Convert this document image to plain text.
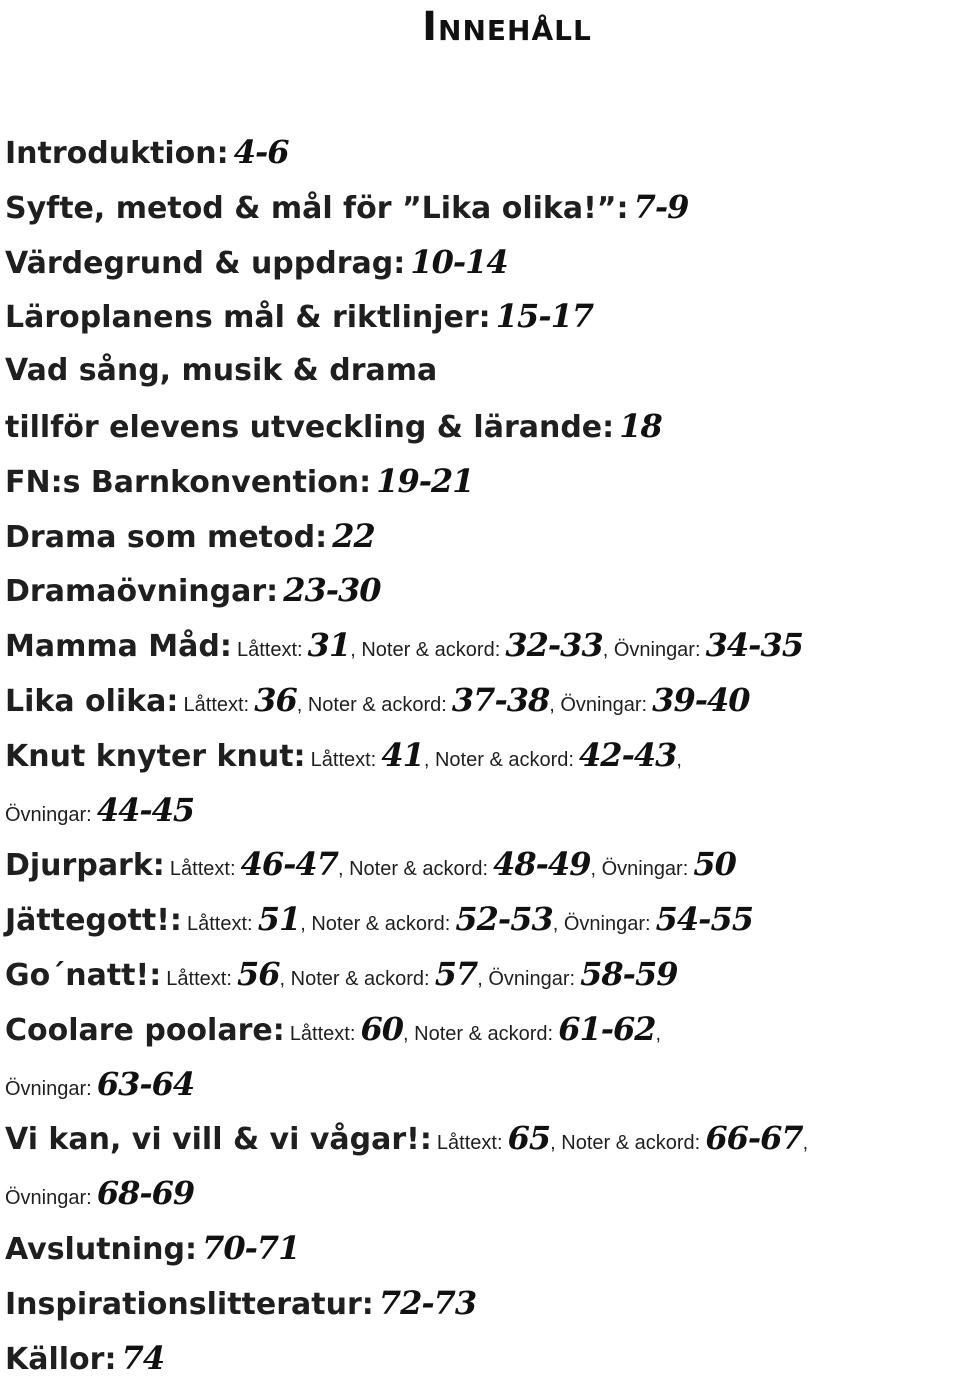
Innehåll
Introduktion: 4-6
Syfte, metod & mål för ”Lika olika!”: 7-9
Värdegrund & uppdrag: 10-14
Läroplanens mål & riktlinjer: 15-17
Vad sång, musik & drama
tillför elevens utveckling & lärande: 18
FN:s Barnkonvention: 19-21
Drama som metod: 22
Dramaövningar: 23-30
Mamma Måd: Låttext: 31, Noter & ackord: 32-33, Övningar: 34-35
Lika olika: Låttext: 36, Noter & ackord: 37-38, Övningar: 39-40
Knut knyter knut: Låttext: 41, Noter & ackord: 42-43,
Övningar: 44-45
Djurpark: Låttext: 46-47, Noter & ackord: 48-49, Övningar: 50
Jättegott!: Låttext: 51, Noter & ackord: 52-53, Övningar: 54-55
Go´natt!: Låttext: 56, Noter & ackord: 57, Övningar: 58-59
Coolare poolare: Låttext: 60, Noter & ackord: 61-62,
Övningar: 63-64
Vi kan, vi vill & vi vågar!: Låttext: 65, Noter & ackord: 66-67,
Övningar: 68-69
Avslutning: 70-71
Inspirationslitteratur: 72-73
Källor: 74
